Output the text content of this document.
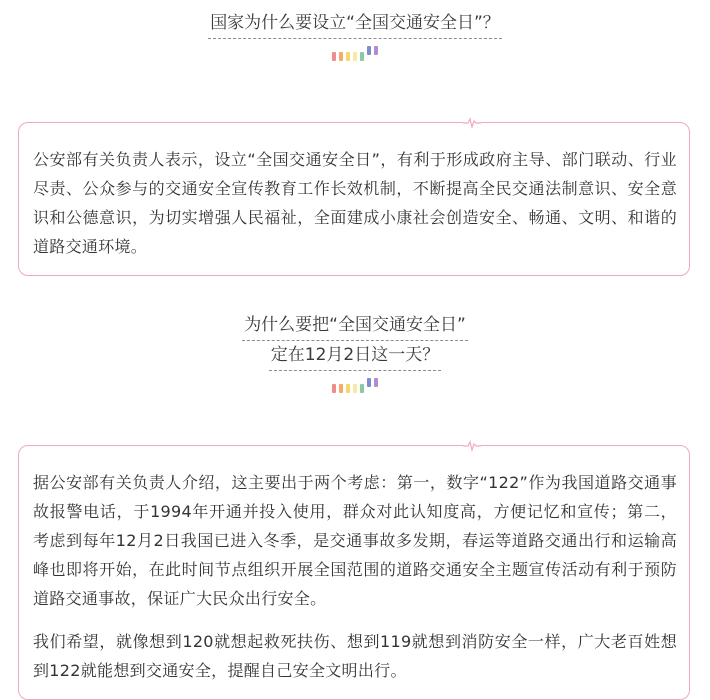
国家为什么要设立“全国交通安全日”？

公安部有关负责人表示，设立“全国交通安全日”，有利于形成政府主导、部门联动、行业尽责、公众参与的交通安全宣传教育工作长效机制，不断提高全民交通法制意识、安全意识和公德意识，为切实增强人民福祉，全面建成小康社会创造安全、畅通、文明、和谐的道路交通环境。

为什么要把“全国交通安全日”
定在12月2日这一天？

据公安部有关负责人介绍，这主要出于两个考虑：第一，数字“122”作为我国道路交通事故报警电话，于1994年开通并投入使用，群众对此认知度高，方便记忆和宣传；第二，考虑到每年12月2日我国已进入冬季，是交通事故多发期，春运等道路交通出行和运输高峰也即将开始，在此时间节点组织开展全国范围的道路交通安全主题宣传活动有利于预防道路交通事故，保证广大民众出行安全。

我们希望，就像想到120就想起救死扶伤、想到119就想到消防安全一样，广大老百姓想到122就能想到交通安全，提醒自己安全文明出行。
